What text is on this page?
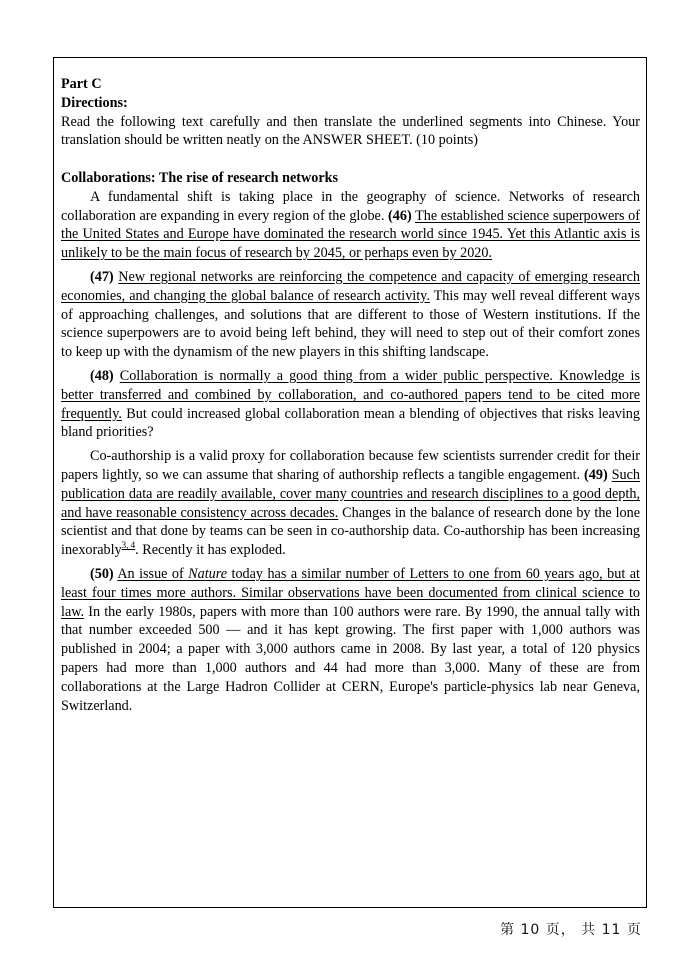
Part C
Directions:
Read the following text carefully and then translate the underlined segments into Chinese. Your translation should be written neatly on the ANSWER SHEET. (10 points)
Collaborations: The rise of research networks

A fundamental shift is taking place in the geography of science. Networks of research collaboration are expanding in every region of the globe. (46) The established science superpowers of the United States and Europe have dominated the research world since 1945. Yet this Atlantic axis is unlikely to be the main focus of research by 2045, or perhaps even by 2020.

(47) New regional networks are reinforcing the competence and capacity of emerging research economies, and changing the global balance of research activity. This may well reveal different ways of approaching challenges, and solutions that are different to those of Western institutions. If the science superpowers are to avoid being left behind, they will need to step out of their comfort zones to keep up with the dynamism of the new players in this shifting landscape.

(48) Collaboration is normally a good thing from a wider public perspective. Knowledge is better transferred and combined by collaboration, and co-authored papers tend to be cited more frequently. But could increased global collaboration mean a blending of objectives that risks leaving bland priorities?

Co-authorship is a valid proxy for collaboration because few scientists surrender credit for their papers lightly, so we can assume that sharing of authorship reflects a tangible engagement. (49) Such publication data are readily available, cover many countries and research disciplines to a good depth, and have reasonable consistency across decades. Changes in the balance of research done by the lone scientist and that done by teams can be seen in co-authorship data. Co-authorship has been increasing inexorably$^{3, 4}$. Recently it has exploded.

(50) An issue of Nature today has a similar number of Letters to one from 60 years ago, but at least four times more authors. Similar observations have been documented from clinical science to law. In the early 1980s, papers with more than 100 authors were rare. By 1990, the annual tally with that number exceeded 500 — and it has kept growing. The first paper with 1,000 authors was published in 2004; a paper with 3,000 authors came in 2008. By last year, a total of 120 physics papers had more than 1,000 authors and 44 had more than 3,000. Many of these are from collaborations at the Large Hadron Collider at CERN, Europe's particle-physics lab near Geneva, Switzerland.

第 10 页， 共 11 页
